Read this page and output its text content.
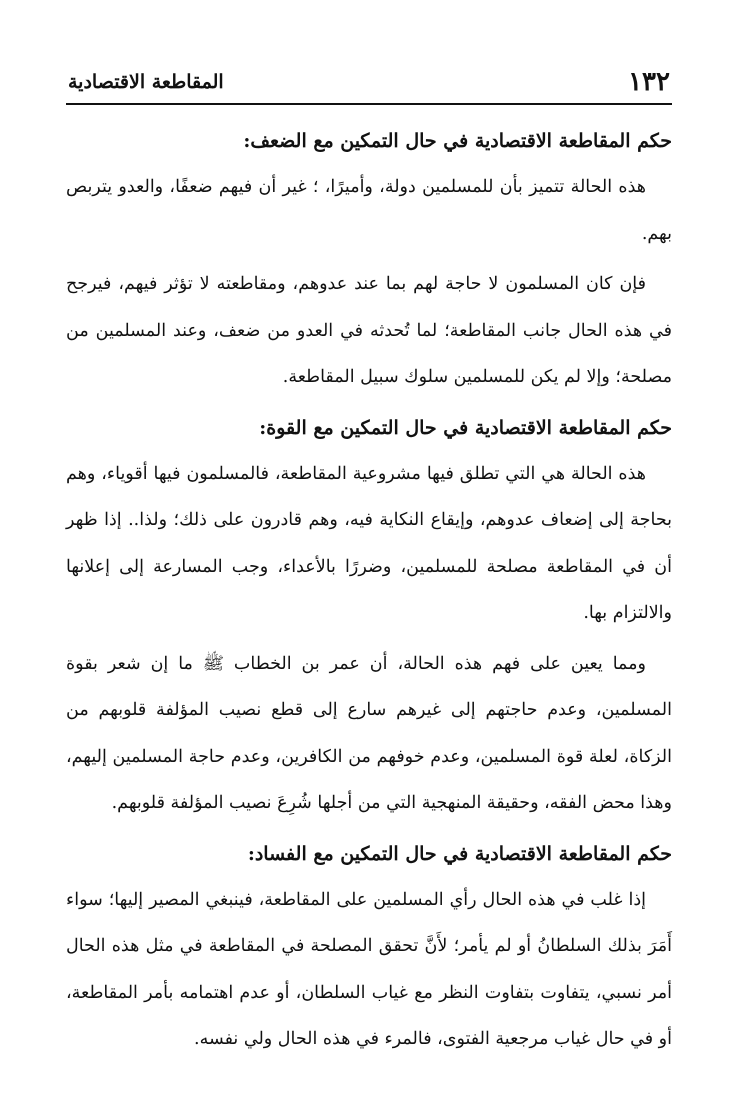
١٣٢
المقاطعة الاقتصادية
حكم المقاطعة الاقتصادية في حال التمكين مع الضعف:

هذه الحالة تتميز بأن للمسلمين دولة، وأميرًا، ؛ غير أن فيهم ضعفًا، والعدو يتربص بهم.

فإن كان المسلمون لا حاجة لهم بما عند عدوهم، ومقاطعته لا تؤثر فيهم، فيرجح في هذه الحال جانب المقاطعة؛ لما تُحدثه في العدو من ضعف، وعند المسلمين من مصلحة؛ وإلا لم يكن للمسلمين سلوك سبيل المقاطعة.

حكم المقاطعة الاقتصادية في حال التمكين مع القوة:

هذه الحالة هي التي تطلق فيها مشروعية المقاطعة، فالمسلمون فيها أقوياء، وهم بحاجة إلى إضعاف عدوهم، وإيقاع النكاية فيه، وهم قادرون على ذلك؛ ولذا.. إذا ظهر أن في المقاطعة مصلحة للمسلمين، وضررًا بالأعداء، وجب المسارعة إلى إعلانها والالتزام بها.

ومما يعين على فهم هذه الحالة، أن عمر بن الخطاب ﷺ ما إن شعر بقوة المسلمين، وعدم حاجتهم إلى غيرهم سارع إلى قطع نصيب المؤلفة قلوبهم من الزكاة، لعلة قوة المسلمين، وعدم خوفهم من الكافرين، وعدم حاجة المسلمين إليهم، وهذا محض الفقه، وحقيقة المنهجية التي من أجلها شُرِعَ نصيب المؤلفة قلوبهم.

حكم المقاطعة الاقتصادية في حال التمكين مع الفساد:

إذا غلب في هذه الحال رأي المسلمين على المقاطعة، فينبغي المصير إليها؛ سواء أَمَرَ بذلك السلطانُ أو لم يأمر؛ لأَنَّ تحقق المصلحة في المقاطعة في مثل هذه الحال أمر نسبي، يتفاوت بتفاوت النظر مع غياب السلطان، أو عدم اهتمامه بأمر المقاطعة، أو في حال غياب مرجعية الفتوى، فالمرء في هذه الحال ولي نفسه.
